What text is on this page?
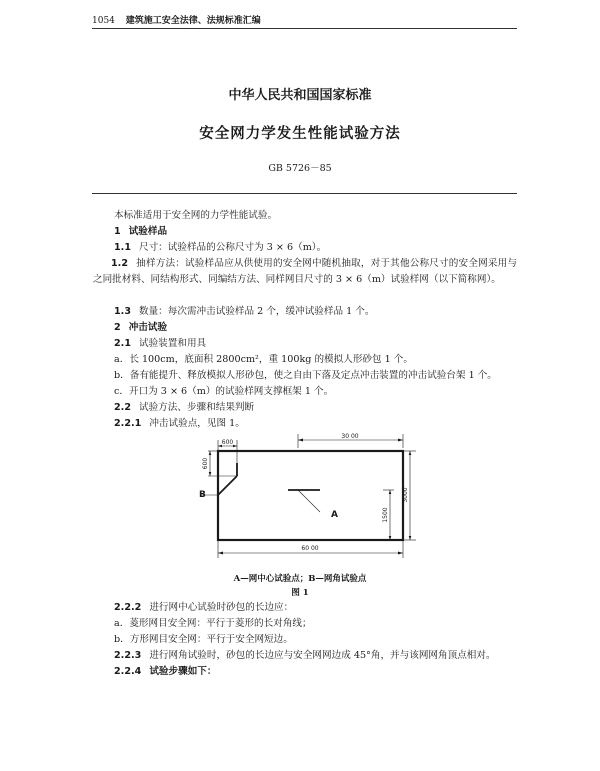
1054 建筑施工安全法律、法规标准汇编
中华人民共和国国家标准
安全网力学发生性能试验方法
GB 5726－85
本标准适用于安全网的力学性能试验。
1 试验样品
1.1 尺寸：试验样品的公称尺寸为 3 × 6（m）。
1.2 抽样方法：试验样品应从供使用的安全网中随机抽取，对于其他公称尺寸的安全网采用与之同批材料、同结构形式、同编结方法、同样网目尺寸的 3 × 6（m）试验样网（以下简称网）。
1.3 数量：每次需冲击试验样品 2 个，缓冲试验样品 1 个。
2 冲击试验
2.1 试验装置和用具
a．长 100cm，底面积 2800cm²，重 100kg 的模拟人形砂包 1 个。
b．备有能提升、释放模拟人形砂包，使之自由下落及定点冲击装置的冲击试验台架 1 个。
c．开口为 3 × 6（m）的试验样网支撑框架 1 个。
2.2 试验方法、步骤和结果判断
2.2.1 冲击试验点，见图 1。
30 00
600
600
3000
1500
60 00
B
A
A—网中心试验点；B—网角试验点
图 1
2.2.2 进行网中心试验时砂包的长边应：
a．菱形网目安全网：平行于菱形的长对角线；
b．方形网目安全网：平行于安全网短边。
2.2.3 进行网角试验时，砂包的长边应与安全网网边成 45°角，并与该网网角顶点相对。
2.2.4 试验步骤如下：
